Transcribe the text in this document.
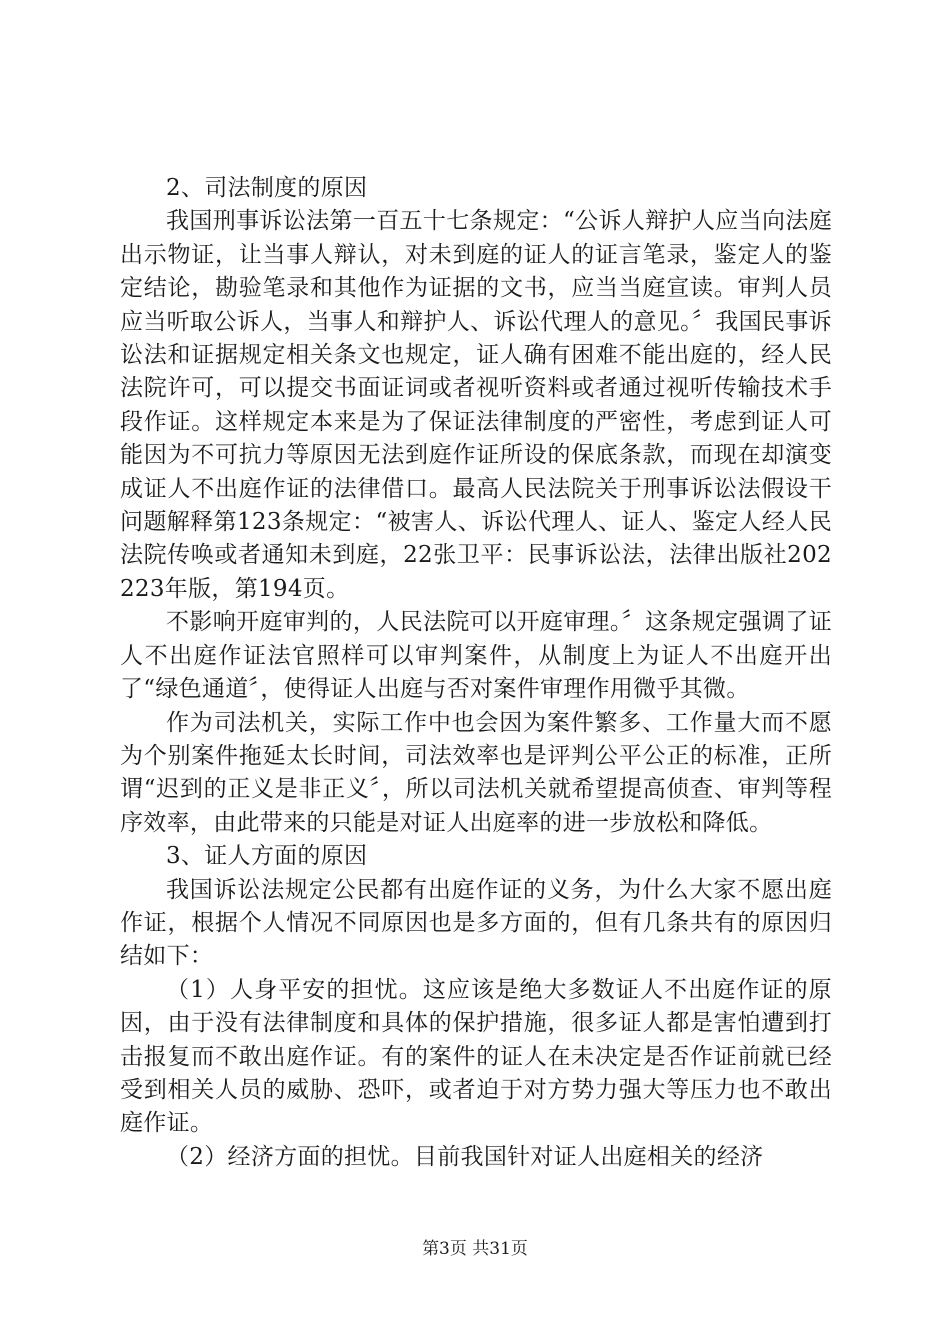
2、司法制度的原因

我国刑事诉讼法第一百五十七条规定：“公诉人辩护人应当向法庭出示物证，让当事人辩认，对未到庭的证人的证言笔录，鉴定人的鉴定结论，勘验笔录和其他作为证据的文书，应当当庭宣读。审判人员应当听取公诉人，当事人和辩护人、诉讼代理人的意见。〞我国民事诉讼法和证据规定相关条文也规定，证人确有困难不能出庭的，经人民法院许可，可以提交书面证词或者视听资料或者通过视听传输技术手段作证。这样规定本来是为了保证法律制度的严密性，考虑到证人可能因为不可抗力等原因无法到庭作证所设的保底条款，而现在却演变成证人不出庭作证的法律借口。最高人民法院关于刑事诉讼法假设干问题解释第123条规定：“被害人、诉讼代理人、证人、鉴定人经人民法院传唤或者通知未到庭，22张卫平：民事诉讼法，法律出版社202223年版，第194页。

不影响开庭审判的，人民法院可以开庭审理。〞这条规定强调了证人不出庭作证法官照样可以审判案件，从制度上为证人不出庭开出了“绿色通道〞，使得证人出庭与否对案件审理作用微乎其微。

作为司法机关，实际工作中也会因为案件繁多、工作量大而不愿为个别案件拖延太长时间，司法效率也是评判公平公正的标准，正所谓“迟到的正义是非正义〞，所以司法机关就希望提高侦查、审判等程序效率，由此带来的只能是对证人出庭率的进一步放松和降低。

3、证人方面的原因

我国诉讼法规定公民都有出庭作证的义务，为什么大家不愿出庭作证，根据个人情况不同原因也是多方面的，但有几条共有的原因归结如下：

（1）人身平安的担忧。这应该是绝大多数证人不出庭作证的原因，由于没有法律制度和具体的保护措施，很多证人都是害怕遭到打击报复而不敢出庭作证。有的案件的证人在未决定是否作证前就已经受到相关人员的威胁、恐吓，或者迫于对方势力强大等压力也不敢出庭作证。

（2）经济方面的担忧。目前我国针对证人出庭相关的经济

第3页 共31页
